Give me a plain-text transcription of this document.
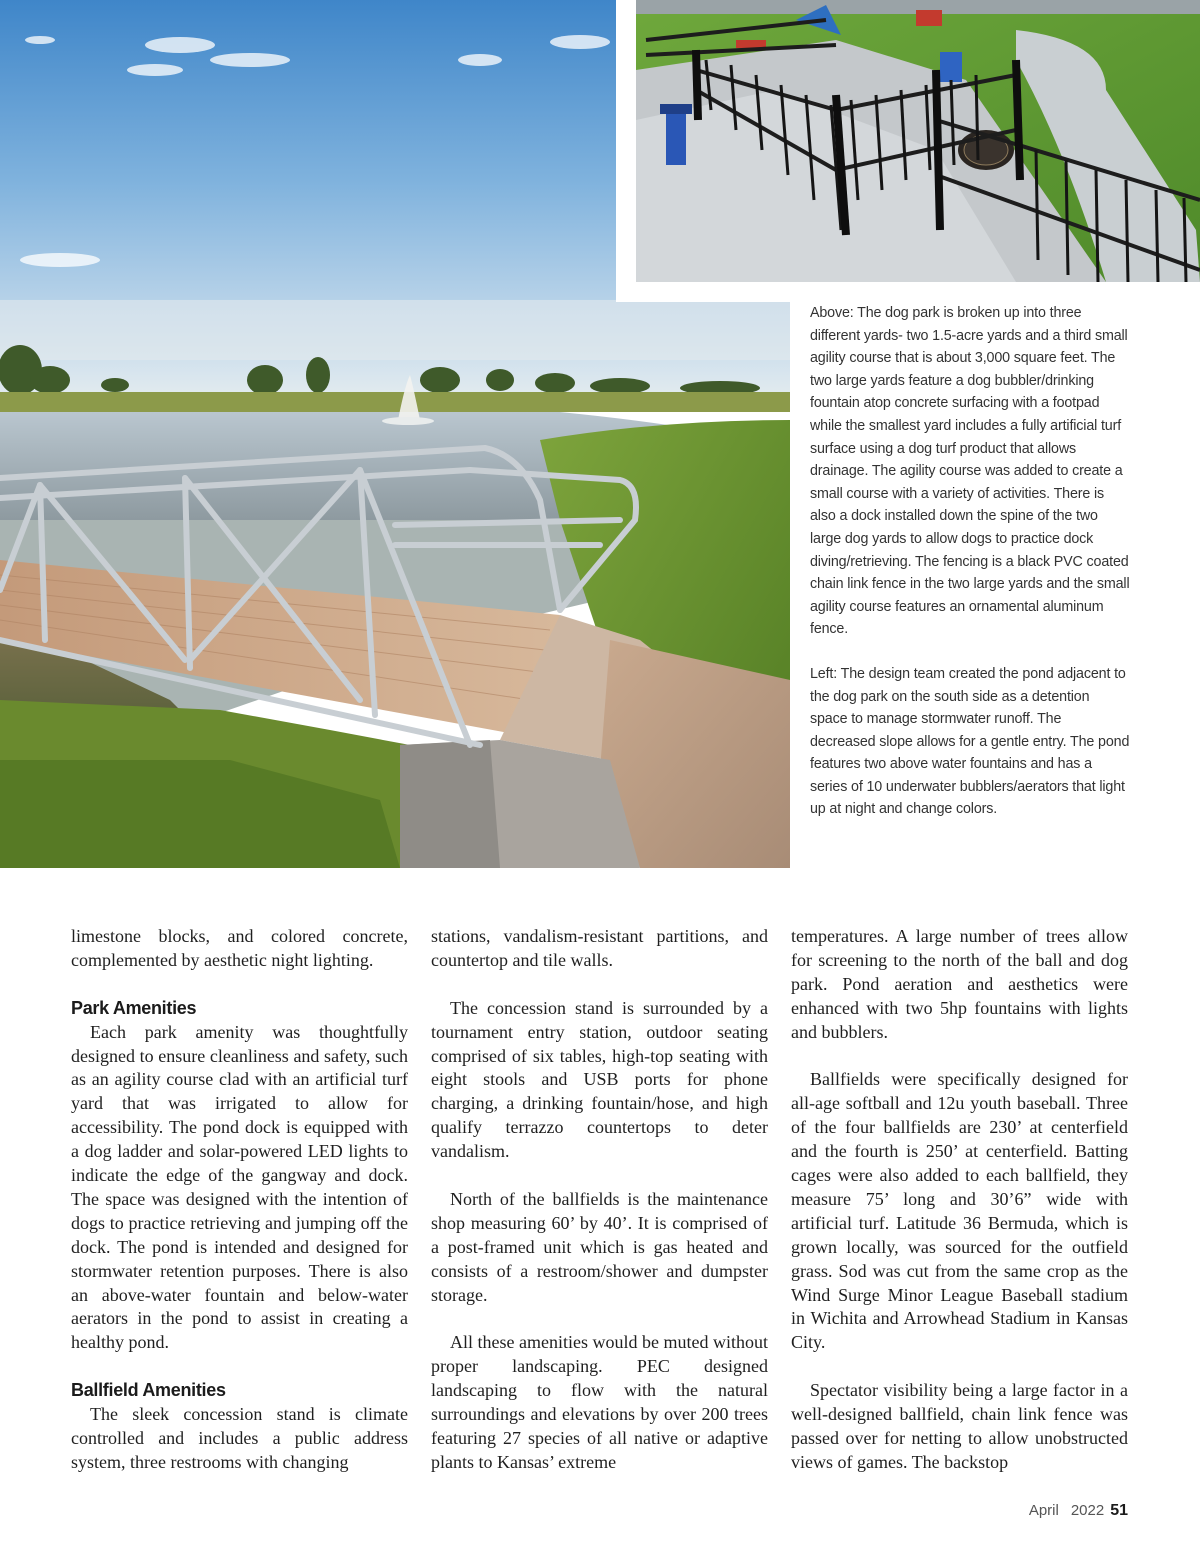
Above: The dog park is broken up into three different yards- two 1.5-acre yards and a third small agility course that is about 3,000 square feet. The two large yards feature a dog bubbler/drinking fountain atop concrete surfacing with a footpad while the smallest yard includes a fully artificial turf surface using a dog turf product that allows drainage. The agility course was added to create a small course with a variety of activities. There is also a dock installed down the spine of the two large dog yards to allow dogs to practice dock diving/retrieving. The fencing is a black PVC coated chain link fence in the two large yards and the small agility course features an ornamental aluminum fence.

Left: The design team created the pond adjacent to the dog park on the south side as a detention space to manage stormwater runoff. The decreased slope allows for a gentle entry. The pond features two above water fountains and has a series of 10 underwater bubblers/aerators that light up at night and change colors.

limestone blocks, and colored concrete, complemented by aesthetic night lighting.

Park Amenities

Each park amenity was thoughtfully designed to ensure cleanliness and safety, such as an agility course clad with an artificial turf yard that was irrigated to allow for accessibility. The pond dock is equipped with a dog ladder and solar-powered LED lights to indicate the edge of the gangway and dock. The space was designed with the intention of dogs to practice retrieving and jumping off the dock. The pond is intended and designed for stormwater retention purposes. There is also an above-water fountain and below-water aerators in the pond to assist in creating a healthy pond.

Ballfield Amenities

The sleek concession stand is climate controlled and includes a public address system, three restrooms with changing

stations, vandalism-resistant partitions, and countertop and tile walls.

The concession stand is surrounded by a tournament entry station, outdoor seating comprised of six tables, high-top seating with eight stools and USB ports for phone charging, a drinking fountain/hose, and high qualify terrazzo countertops to deter vandalism.

North of the ballfields is the maintenance shop measuring 60’ by 40’. It is comprised of a post-framed unit which is gas heated and consists of a restroom/shower and dumpster storage.

All these amenities would be muted without proper landscaping. PEC designed landscaping to flow with the natural surroundings and elevations by over 200 trees featuring 27 species of all native or adaptive plants to Kansas’ extreme

temperatures. A large number of trees allow for screening to the north of the ball and dog park. Pond aeration and aesthetics were enhanced with two 5hp fountains with lights and bubblers.

Ballfields were specifically designed for all-age softball and 12u youth baseball. Three of the four ballfields are 230’ at centerfield and the fourth is 250’ at centerfield. Batting cages were also added to each ballfield, they measure 75’ long and 30’6” wide with artificial turf. Latitude 36 Bermuda, which is grown locally, was sourced for the outfield grass. Sod was cut from the same crop as the Wind Surge Minor League Baseball stadium in Wichita and Arrowhead Stadium in Kansas City.

Spectator visibility being a large factor in a well-designed ballfield, chain link fence was passed over for netting to allow unobstructed views of games. The backstop

April 2022 51
